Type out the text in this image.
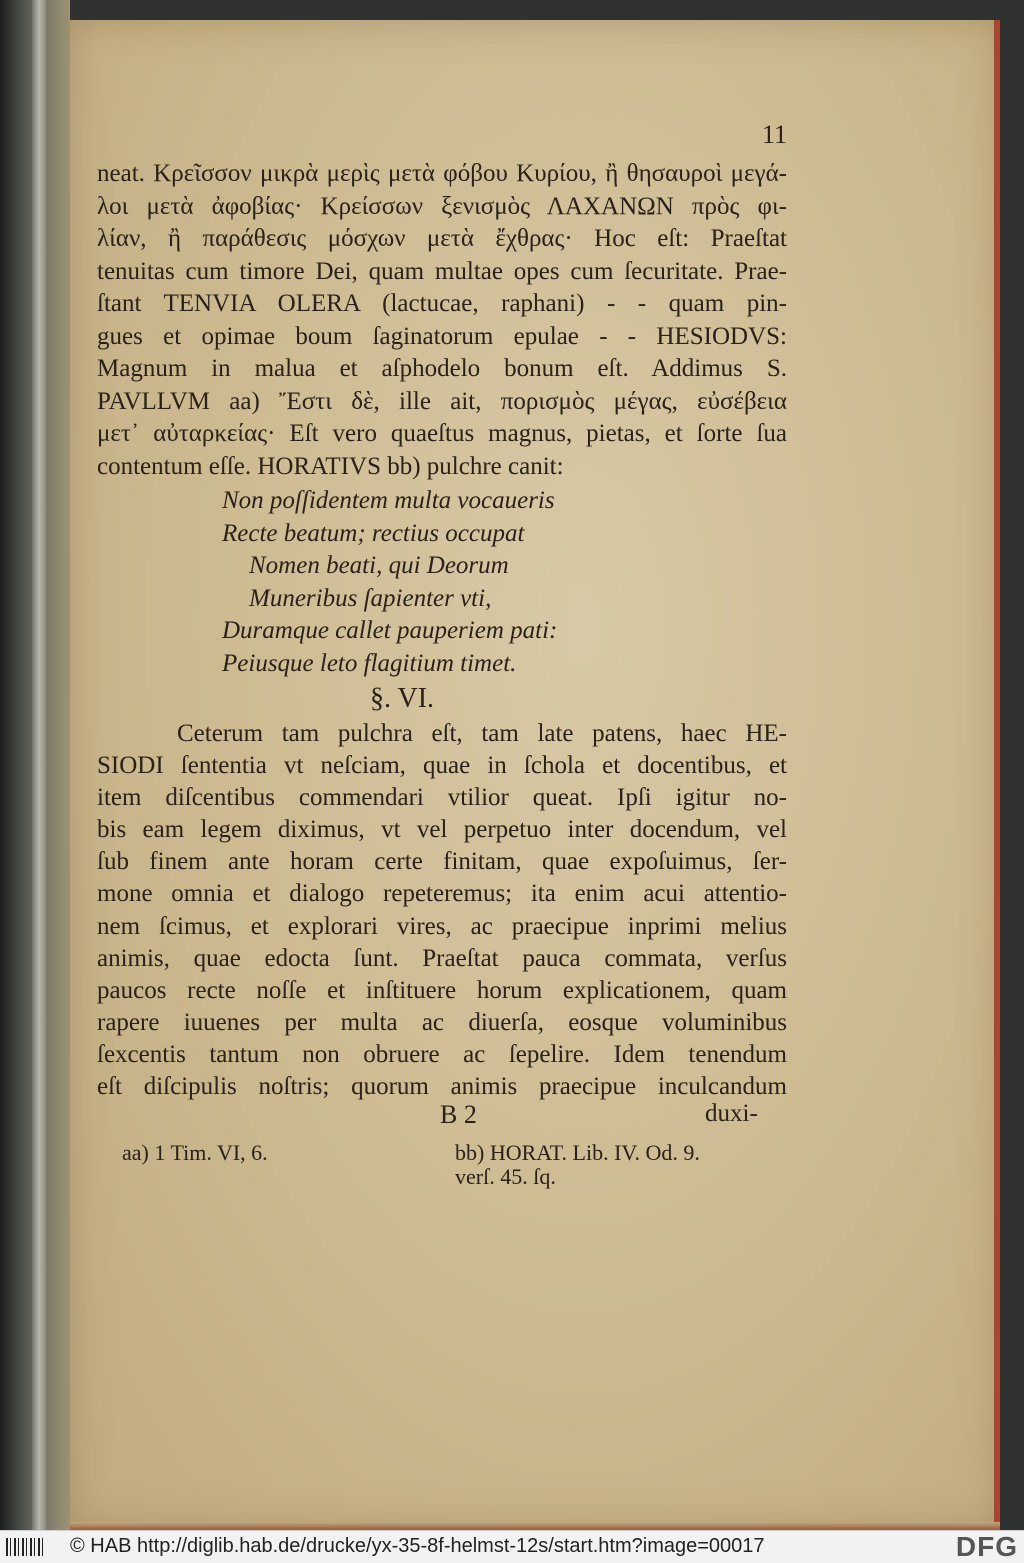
11
neat. Κρεῖσσον μικρὰ μερὶς μετὰ φόβου Κυρίου, ἢ θησαυροὶ μεγά-
λοι μετὰ ἀφοβίας· Κρείσσων ξενισμὸς ΛΑΧΑΝΩΝ πρὸς φι-
λίαν, ἢ παράθεσις μόσχων μετὰ ἔχθρας· Hoc eſt: Praeſtat
tenuitas cum timore Dei, quam multae opes cum ſecuritate. Prae-
ſtant TENVIA OLERA (lactucae, raphani) - - quam pin-
gues et opimae boum ſaginatorum epulae - - HESIODVS:
Magnum in malua et aſphodelo bonum eſt. Addimus S.
PAVLLVM aa) Ἔστι δὲ, ille ait, πορισμὸς μέγας, εὐσέβεια
μετ᾽ αὐταρκείας· Eſt vero quaeſtus magnus, pietas, et ſorte ſua
contentum eſſe. HORATIVS bb) pulchre canit:
Non poſſidentem multa vocaueris
Recte beatum; rectius occupat
Nomen beati, qui Deorum
Muneribus ſapienter vti,
Duramque callet pauperiem pati:
Peiusque leto flagitium timet.
§. VI.
Ceterum tam pulchra eſt, tam late patens, haec HE-
SIODI ſententia vt neſciam, quae in ſchola et docentibus, et
item diſcentibus commendari vtilior queat. Ipſi igitur no-
bis eam legem diximus, vt vel perpetuo inter docendum, vel
ſub finem ante horam certe finitam, quae expoſuimus, ſer-
mone omnia et dialogo repeteremus; ita enim acui attentio-
nem ſcimus, et explorari vires, ac praecipue inprimi melius
animis, quae edocta ſunt. Praeſtat pauca commata, verſus
paucos recte noſſe et inſtituere horum explicationem, quam
rapere iuuenes per multa ac diuerſa, eosque voluminibus
ſexcentis tantum non obruere ac ſepelire. Idem tenendum
eſt diſcipulis noſtris; quorum animis praecipue inculcandum
B 2	duxi-
aa) 1 Tim. VI, 6.	bb) HORAT. Lib. IV. Od. 9.
verſ. 45. ſq.
© HAB http://diglib.hab.de/drucke/yx-35-8f-helmst-12s/start.htm?image=00017	DFG
